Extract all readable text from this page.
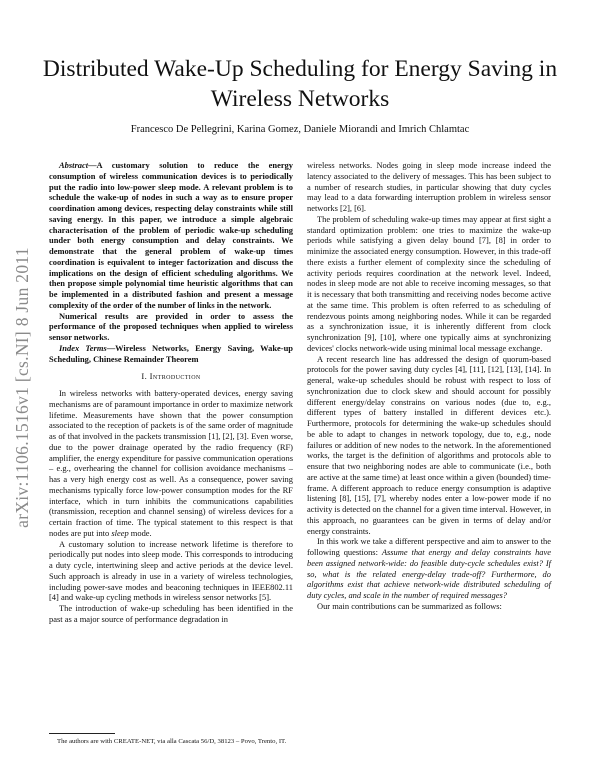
arXiv:1106.1516v1 [cs.NI] 8 Jun 2011
Distributed Wake-Up Scheduling for Energy Saving in Wireless Networks
Francesco De Pellegrini, Karina Gomez, Daniele Miorandi and Imrich Chlamtac

Abstract—A customary solution to reduce the energy consumption of wireless communication devices is to periodically put the radio into low-power sleep mode. A relevant problem is to schedule the wake-up of nodes in such a way as to ensure proper coordination among devices, respecting delay constraints while still saving energy. In this paper, we introduce a simple algebraic characterisation of the problem of periodic wake-up scheduling under both energy consumption and delay constraints. We demonstrate that the general problem of wake-up times coordination is equivalent to integer factorization and discuss the implications on the design of efficient scheduling algorithms. We then propose simple polynomial time heuristic algorithms that can be implemented in a distributed fashion and present a message complexity of the order of the number of links in the network.

Numerical results are provided in order to assess the performance of the proposed techniques when applied to wireless sensor networks.

Index Terms—Wireless Networks, Energy Saving, Wake-up Scheduling, Chinese Remainder Theorem

I. Introduction

In wireless networks with battery-operated devices, energy saving mechanisms are of paramount importance in order to maximize network lifetime. Measurements have shown that the power consumption associated to the reception of packets is of the same order of magnitude as of that involved in the packets transmission [1], [2], [3]. Even worse, due to the power drainage operated by the radio frequency (RF) amplifier, the energy expenditure for passive communication operations – e.g., overhearing the channel for collision avoidance mechanisms – has a very high energy cost as well. As a consequence, power saving mechanisms typically force low-power consumption modes for the RF interface, which in turn inhibits the communications capabilities (transmission, reception and channel sensing) of wireless devices for a certain fraction of time. The typical statement to this respect is that nodes are put into sleep mode.

A customary solution to increase network lifetime is therefore to periodically put nodes into sleep mode. This corresponds to introducing a duty cycle, intertwining sleep and active periods at the device level. Such approach is already in use in a variety of wireless technologies, including power-save modes and beaconing techniques in IEEE802.11 [4] and wake-up cycling methods in wireless sensor networks [5].

The introduction of wake-up scheduling has been identified in the past as a major source of performance degradation in

The authors are with CREATE-NET, via alla Cascata 56/D, 38123 – Povo, Trento, IT.

wireless networks. Nodes going in sleep mode increase indeed the latency associated to the delivery of messages. This has been subject to a number of research studies, in particular showing that duty cycles may lead to a data forwarding interruption problem in wireless sensor networks [2], [6].

The problem of scheduling wake-up times may appear at first sight a standard optimization problem: one tries to maximize the wake-up periods while satisfying a given delay bound [7], [8] in order to minimize the associated energy consumption. However, in this trade-off there exists a further element of complexity since the scheduling of activity periods requires coordination at the network level. Indeed, nodes in sleep mode are not able to receive incoming messages, so that it is necessary that both transmitting and receiving nodes become active at the same time. This problem is often referred to as scheduling of rendezvous points among neighboring nodes. While it can be regarded as a synchronization issue, it is inherently different from clock synchronization [9], [10], where one typically aims at synchronizing devices' clocks network-wide using minimal local message exchange.

A recent research line has addressed the design of quorum-based protocols for the power saving duty cycles [4], [11], [12], [13], [14]. In general, wake-up schedules should be robust with respect to loss of synchronization due to clock skew and should account for possibly different energy/delay constrains on various nodes (due to, e.g., different types of battery installed in different devices etc.). Furthermore, protocols for determining the wake-up schedules should be able to adapt to changes in network topology, due to, e.g., node failures or addition of new nodes to the network. In the aforementioned works, the target is the definition of algorithms and protocols able to ensure that two neighboring nodes are able to communicate (i.e., both are active at the same time) at least once within a given (bounded) time-frame. A different approach to reduce energy consumption is adaptive listening [8], [15], [7], whereby nodes enter a low-power mode if no activity is detected on the channel for a given time interval. However, in this approach, no guarantees can be given in terms of delay and/or energy constraints.

In this work we take a different perspective and aim to answer to the following questions: Assume that energy and delay constraints have been assigned network-wide: do feasible duty-cycle schedules exist? If so, what is the related energy-delay trade-off? Furthermore, do algorithms exist that achieve network-wide distributed scheduling of duty cycles, and scale in the number of required messages?

Our main contributions can be summarized as follows:
